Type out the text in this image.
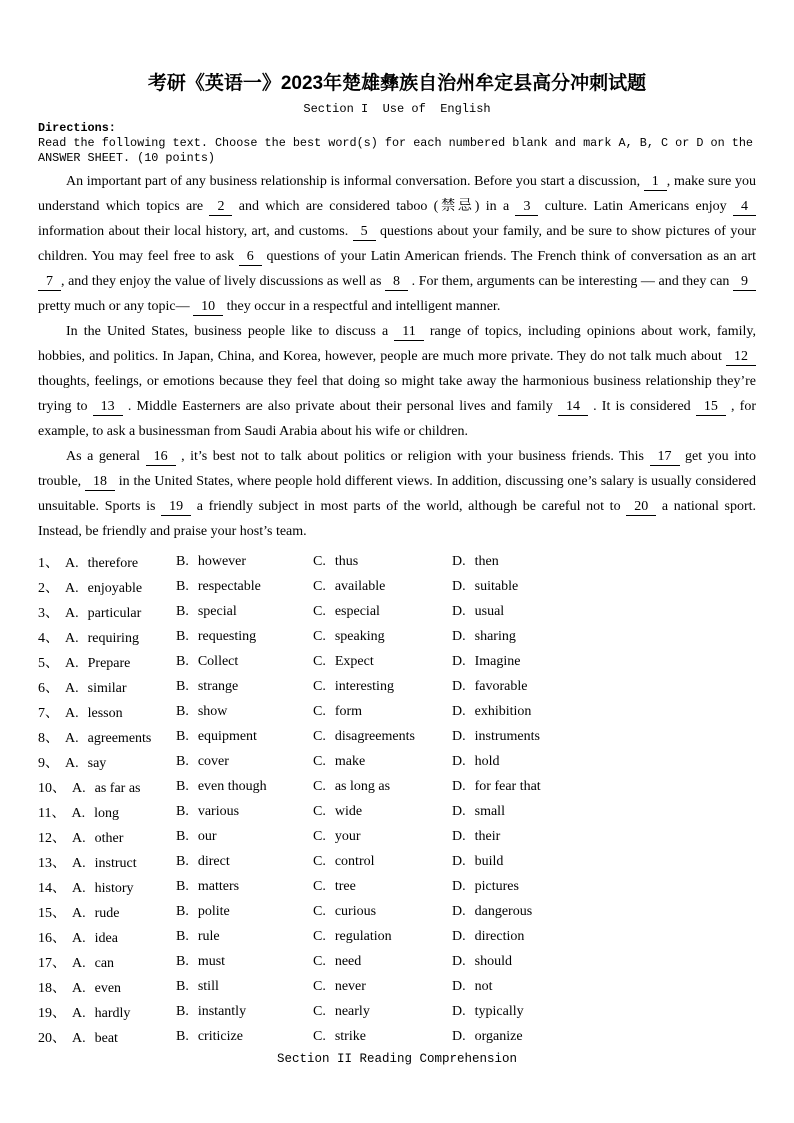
考研《英语一》2023年楚雄彝族自治州牟定县高分冲刺试题
Section I  Use of  English
Directions:
Read the following text. Choose the best word(s) for each numbered blank and mark A, B, C or D on the
ANSWER SHEET. (10 points)

An important part of any business relationship is informal conversation. Before you start a discussion, 1 , make sure you understand which topics are 2 and which are considered taboo (禁忌) in a 3 culture. Latin Americans enjoy 4 information about their local history, art, and customs. 5 questions about your family, and be sure to show pictures of your children. You may feel free to ask 6 questions of your Latin American friends. The French think of conversation as an art 7 , and they enjoy the value of lively discussions as well as 8 . For them, arguments can be interesting — and they can 9 pretty much or any topic— 10 they occur in a respectful and intelligent manner.

In the United States, business people like to discuss a 11 range of topics, including opinions about work, family, hobbies, and politics. In Japan, China, and Korea, however, people are much more private. They do not talk much about 12 thoughts, feelings, or emotions because they feel that doing so might take away the harmonious business relationship they’re trying to 13 . Middle Easterners are also private about their personal lives and family 14 . It is considered 15 , for example, to ask a businessman from Saudi Arabia about his wife or children.

As a general 16 , it’s best not to talk about politics or religion with your business friends. This 17 get you into trouble, 18 in the United States, where people hold different views. In addition, discussing one’s salary is usually considered unsuitable. Sports is 19 a friendly subject in most parts of the world, although be careful not to 20 a national sport. Instead, be friendly and praise your host’s team.

1、 A. therefore	B. however	C. thus	D. then
2、 A. enjoyable	B. respectable	C. available	D. suitable
3、 A. particular	B. special	C. especial	D. usual
4、 A. requiring	B. requesting	C. speaking	D. sharing
5、 A. Prepare	B. Collect	C. Expect	D. Imagine
6、 A. similar	B. strange	C. interesting	D. favorable
7、 A. lesson	B. show	C. form	D. exhibition
8、 A. agreements	B. equipment	C. disagreements	D. instruments
9、 A. say	B. cover	C. make	D. hold
10、 A. as far as	B. even though	C. as long as	D. for fear that
11、 A. long	B. various	C. wide	D. small
12、 A. other	B. our	C. your	D. their
13、 A. instruct	B. direct	C. control	D. build
14、 A. history	B. matters	C. tree	D. pictures
15、 A. rude	B. polite	C. curious	D. dangerous
16、 A. idea	B. rule	C. regulation	D. direction
17、 A. can	B. must	C. need	D. should
18、 A. even	B. still	C. never	D. not
19、 A. hardly	B. instantly	C. nearly	D. typically
20、 A. beat	B. criticize	C. strike	D. organize
Section II Reading Comprehension
